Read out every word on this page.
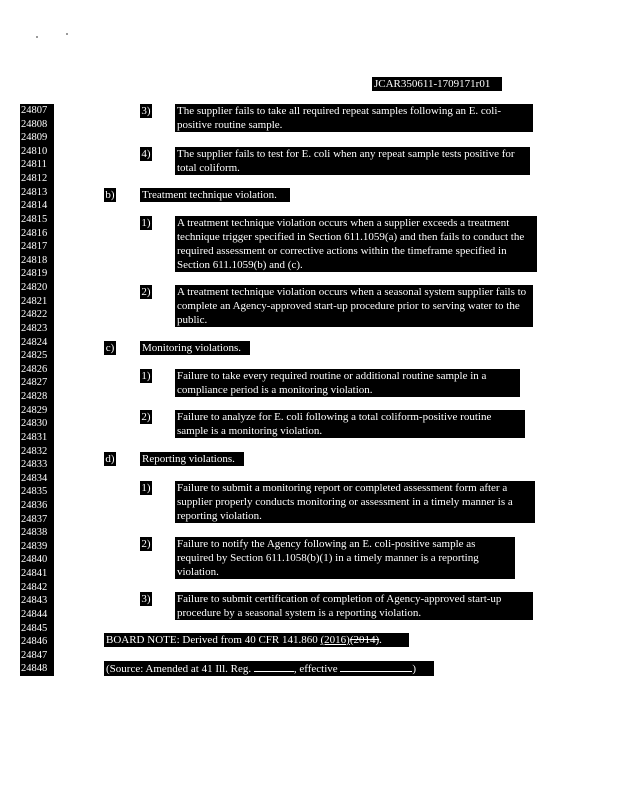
JCAR350611-1709171r01
24807
24808
24809
24810
24811
24812
24813
24814
24815
24816
24817
24818
24819
24820
24821
24822
24823
24824
24825
24826
24827
24828
24829
24830
24831
24832
24833
24834
24835
24836
24837
24838
24839
24840
24841
24842
24843
24844
24845
24846
24847
24848
3) The supplier fails to take all required repeat samples following an E. coli-positive routine sample.
4) The supplier fails to test for E. coli when any repeat sample tests positive for total coliform.
b) Treatment technique violation.
1) A treatment technique violation occurs when a supplier exceeds a treatment technique trigger specified in Section 611.1059(a) and then fails to conduct the required assessment or corrective actions within the timeframe specified in Section 611.1059(b) and (c).
2) A treatment technique violation occurs when a seasonal system supplier fails to complete an Agency-approved start-up procedure prior to serving water to the public.
c)	Monitoring violations.
1) Failure to take every required routine or additional routine sample in a compliance period is a monitoring violation.
2) Failure to analyze for E. coli following a total coliform-positive routine sample is a monitoring violation.
d) Reporting violations.
1) Failure to submit a monitoring report or completed assessment form after a supplier properly conducts monitoring or assessment in a timely manner is a reporting violation.
2) Failure to notify the Agency following an E. coli-positive sample as required by Section 611.1058(b)(1) in a timely manner is a reporting violation.
3) Failure to submit certification of completion of Agency-approved start-up procedure by a seasonal system is a reporting violation.
BOARD NOTE: Derived from 40 CFR 141.860 (2016)(2014).
(Source: Amended at 41 Ill. Reg.	, effective	)
